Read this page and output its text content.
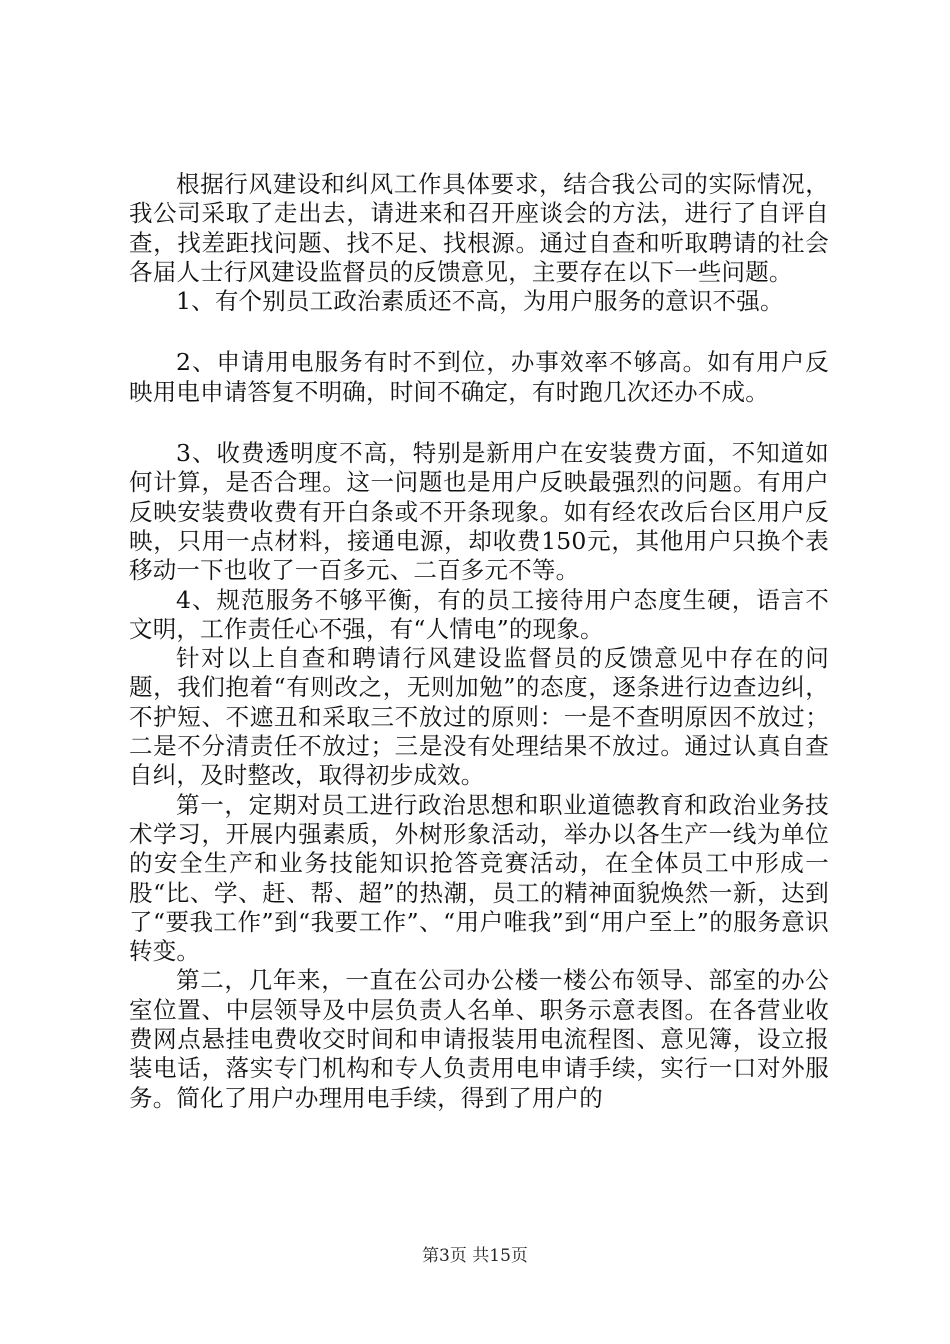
根据行风建设和纠风工作具体要求，结合我公司的实际情况，我公司采取了走出去，请进来和召开座谈会的方法，进行了自评自查，找差距找问题、找不足、找根源。通过自查和听取聘请的社会各届人士行风建设监督员的反馈意见，主要存在以下一些问题。

1、有个别员工政治素质还不高，为用户服务的意识不强。

2、申请用电服务有时不到位，办事效率不够高。如有用户反映用电申请答复不明确，时间不确定，有时跑几次还办不成。

3、收费透明度不高，特别是新用户在安装费方面，不知道如何计算，是否合理。这一问题也是用户反映最强烈的问题。有用户反映安装费收费有开白条或不开条现象。如有经农改后台区用户反映，只用一点材料，接通电源，却收费150元，其他用户只换个表移动一下也收了一百多元、二百多元不等。

4、规范服务不够平衡，有的员工接待用户态度生硬，语言不文明，工作责任心不强，有“人情电”的现象。

针对以上自查和聘请行风建设监督员的反馈意见中存在的问题，我们抱着“有则改之，无则加勉”的态度，逐条进行边查边纠，不护短、不遮丑和采取三不放过的原则：一是不查明原因不放过；二是不分清责任不放过；三是没有处理结果不放过。通过认真自查自纠，及时整改，取得初步成效。

第一，定期对员工进行政治思想和职业道德教育和政治业务技术学习，开展内强素质，外树形象活动，举办以各生产一线为单位的安全生产和业务技能知识抢答竞赛活动，在全体员工中形成一股“比、学、赶、帮、超”的热潮，员工的精神面貌焕然一新，达到了“要我工作”到“我要工作”、“用户唯我”到“用户至上”的服务意识转变。

第二，几年来，一直在公司办公楼一楼公布领导、部室的办公室位置、中层领导及中层负责人名单、职务示意表图。在各营业收费网点悬挂电费收交时间和申请报装用电流程图、意见簿，设立报装电话，落实专门机构和专人负责用电申请手续，实行一口对外服务。简化了用户办理用电手续，得到了用户的

第3页 共15页
